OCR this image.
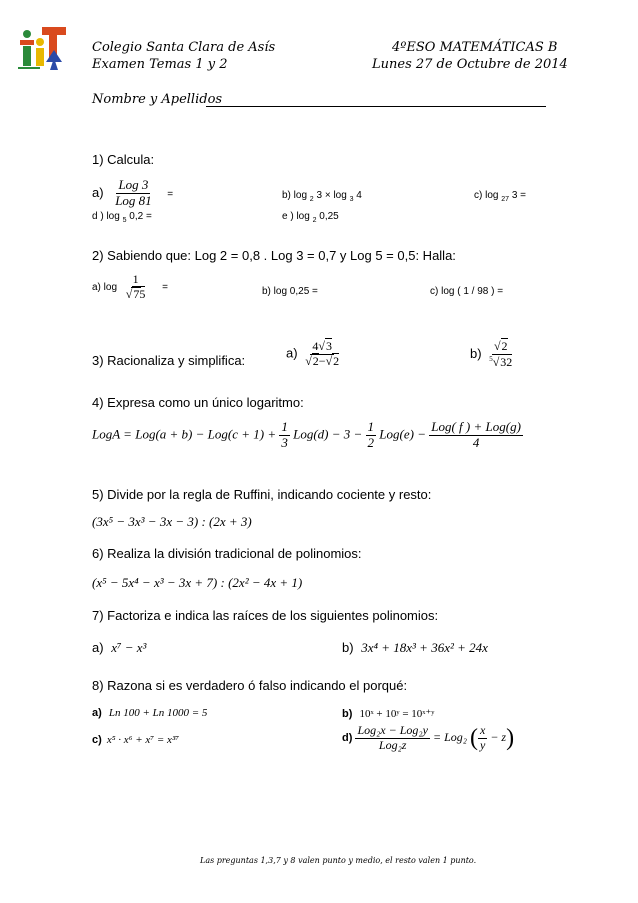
Colegio Santa Clara de Asís	4ºESO MATEMÁTICAS B
Examen Temas 1 y 2	Lunes 27 de Octubre de 2014
Nombre y Apellidos
1) Calcula:
$a) \frac{\text{Log 3}}{\text{Log 81}}$ =	b) log $_2$ 3 × log $_3$ 4	c) log $_{27}$ 3 =
d ) log $_5$ 0,2 =	e ) log $_2$ 0,25
2) Sabiendo que: Log 2 = 0,8 . Log 3 = 0,7 y Log 5 = 0,5: Halla:
a) $\log \frac{1}{√75}$ =	b) log 0,25 =	c) log ( 1 / 98 ) =
3) Racionaliza y simplifica:	$a) \frac{4√3}{√2-√2}$	$b) \frac{√2}{^5√32}$
4) Expresa como un único logaritmo:
LogA = $Log(a + b) - Log(c + 1) + \frac{1}{3} Log(d) - 3 - \frac{1}{2} Log(e) - \frac{\text{Log( f ) + Log(g)}}{4}$
5) Divide por la regla de Ruffini, indicando cociente y resto:
(3x⁵ − 3x³ − 3x − 3) : (2x + 3)
6) Realiza la división tradicional de polinomios:
(x⁵ − 5x⁴ − x³ − 3x + 7) : (2x² − 4x + 1)
7) Factoriza e indica las raíces de los siguientes polinomios:
a) x⁷ − x³	b) 3x⁴ + 18x³ + 36x² + 24x
8) Razona si es verdadero ó falso indicando el porqué:
a) Ln 100 + Ln 1000 = 5	b) 10ˣ + 10ʸ = 10ˣ⁺ʸ
c) x⁵ · x⁶ + x⁷ = x³⁷	$d) \frac{\text{Log₂x − Log₂y}}{\text{Log₂z}} = Log_2$ ( $\frac{x}{y} - z$)
Las preguntas 1,3,7 y 8 valen punto y medio, el resto valen 1 punto.
